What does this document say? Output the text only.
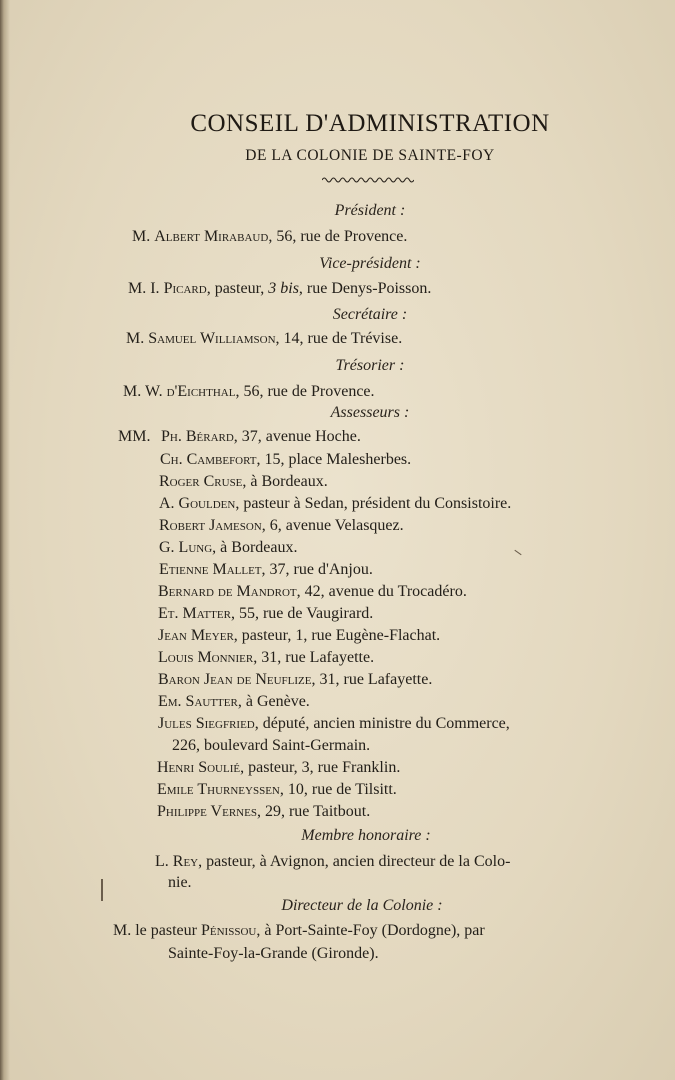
CONSEIL D'ADMINISTRATION
DE LA COLONIE DE SAINTE-FOY
Président :
M. Albert Mirabaud, 56, rue de Provence.
Vice-président :
M. I. Picard, pasteur, 3 bis, rue Denys-Poisson.
Secrétaire :
M. Samuel Williamson, 14, rue de Trévise.
Trésorier :
M. W. d'Eichthal, 56, rue de Provence.
Assesseurs :
MM. Ph. Bérard, 37, avenue Hoche.
Ch. Cambefort, 15, place Malesherbes.
Roger Cruse, à Bordeaux.
A. Goulden, pasteur à Sedan, président du Consistoire.
Robert Jameson, 6, avenue Velasquez.
G. Lung, à Bordeaux.
Etienne Mallet, 37, rue d'Anjou.
Bernard de Mandrot, 42, avenue du Trocadéro.
Et. Matter, 55, rue de Vaugirard.
Jean Meyer, pasteur, 1, rue Eugène-Flachat.
Louis Monnier, 31, rue Lafayette.
Baron Jean de Neuflize, 31, rue Lafayette.
Em. Sautter, à Genève.
Jules Siegfried, député, ancien ministre du Commerce,
226, boulevard Saint-Germain.
Henri Soulié, pasteur, 3, rue Franklin.
Emile Thurneyssen, 10, rue de Tilsitt.
Philippe Vernes, 29, rue Taitbout.
Membre honoraire :
L. Rey, pasteur, à Avignon, ancien directeur de la Colo-
nie.
Directeur de la Colonie :
M. le pasteur Pénissou, à Port-Sainte-Foy (Dordogne), par
Sainte-Foy-la-Grande (Gironde).
